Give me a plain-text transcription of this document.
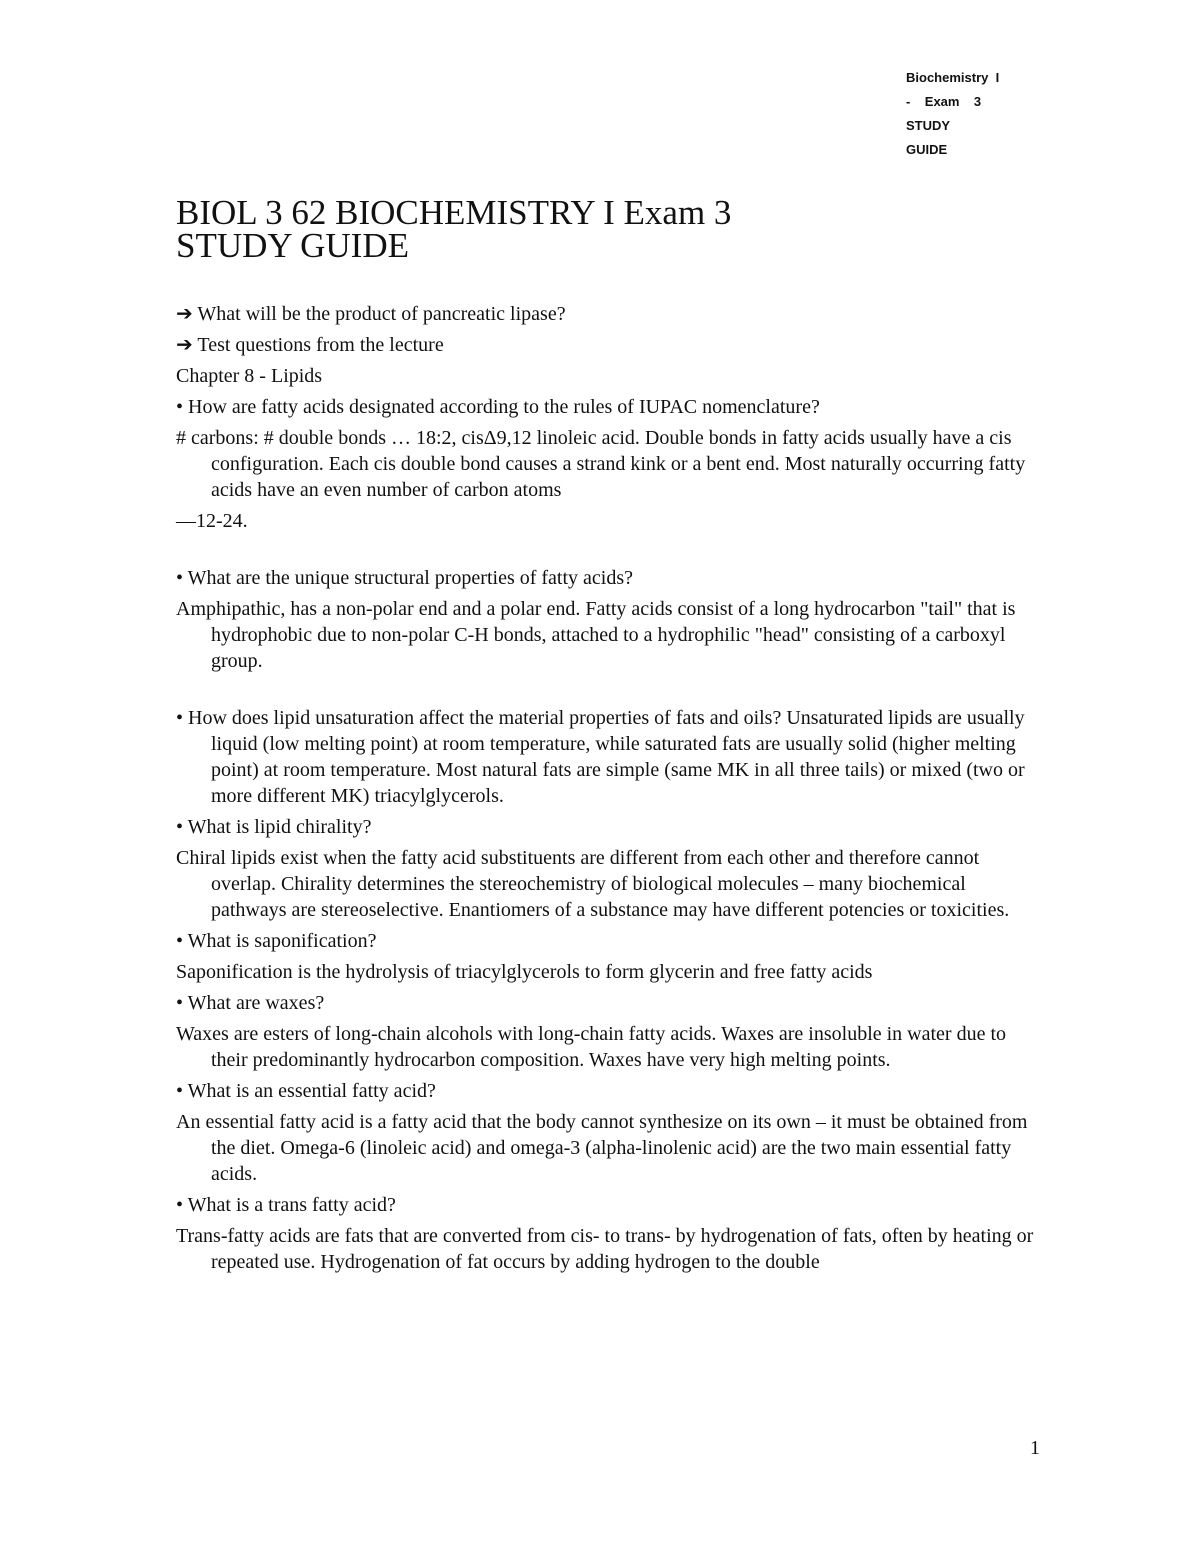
Biochemistry  I
-    Exam    3
STUDY
GUIDE
BIOL 3 62 BIOCHEMISTRY I Exam 3
STUDY GUIDE

➔ What will be the product of pancreatic lipase?

➔ Test questions from the lecture

Chapter 8 - Lipids

• How are fatty acids designated according to the rules of IUPAC nomenclature?

# carbons: # double bonds … 18:2, cisΔ9,12 linoleic acid. Double bonds in fatty acids usually have a cis configuration. Each cis double bond causes a strand kink or a bent end. Most naturally occurring fatty acids have an even number of carbon atoms

—12-24.

• What are the unique structural properties of fatty acids?

Amphipathic, has a non-polar end and a polar end. Fatty acids consist of a long hydrocarbon "tail" that is hydrophobic due to non-polar C-H bonds, attached to a hydrophilic "head" consisting of a carboxyl group.

• How does lipid unsaturation affect the material properties of fats and oils? Unsaturated lipids are usually liquid (low melting point) at room temperature, while saturated fats are usually solid (higher melting point) at room temperature. Most natural fats are simple (same MK in all three tails) or mixed (two or more different MK) triacylglycerols.

• What is lipid chirality?

Chiral lipids exist when the fatty acid substituents are different from each other and therefore cannot overlap. Chirality determines the stereochemistry of biological molecules – many biochemical pathways are stereoselective. Enantiomers of a substance may have different potencies or toxicities.

• What is saponification?

Saponification is the hydrolysis of triacylglycerols to form glycerin and free fatty acids

• What are waxes?

Waxes are esters of long-chain alcohols with long-chain fatty acids. Waxes are insoluble in water due to their predominantly hydrocarbon composition. Waxes have very high melting points.

• What is an essential fatty acid?

An essential fatty acid is a fatty acid that the body cannot synthesize on its own – it must be obtained from the diet. Omega-6 (linoleic acid) and omega-3 (alpha-linolenic acid) are the two main essential fatty acids.

• What is a trans fatty acid?

Trans-fatty acids are fats that are converted from cis- to trans- by hydrogenation of fats, often by heating or repeated use. Hydrogenation of fat occurs by adding hydrogen to the double

1
